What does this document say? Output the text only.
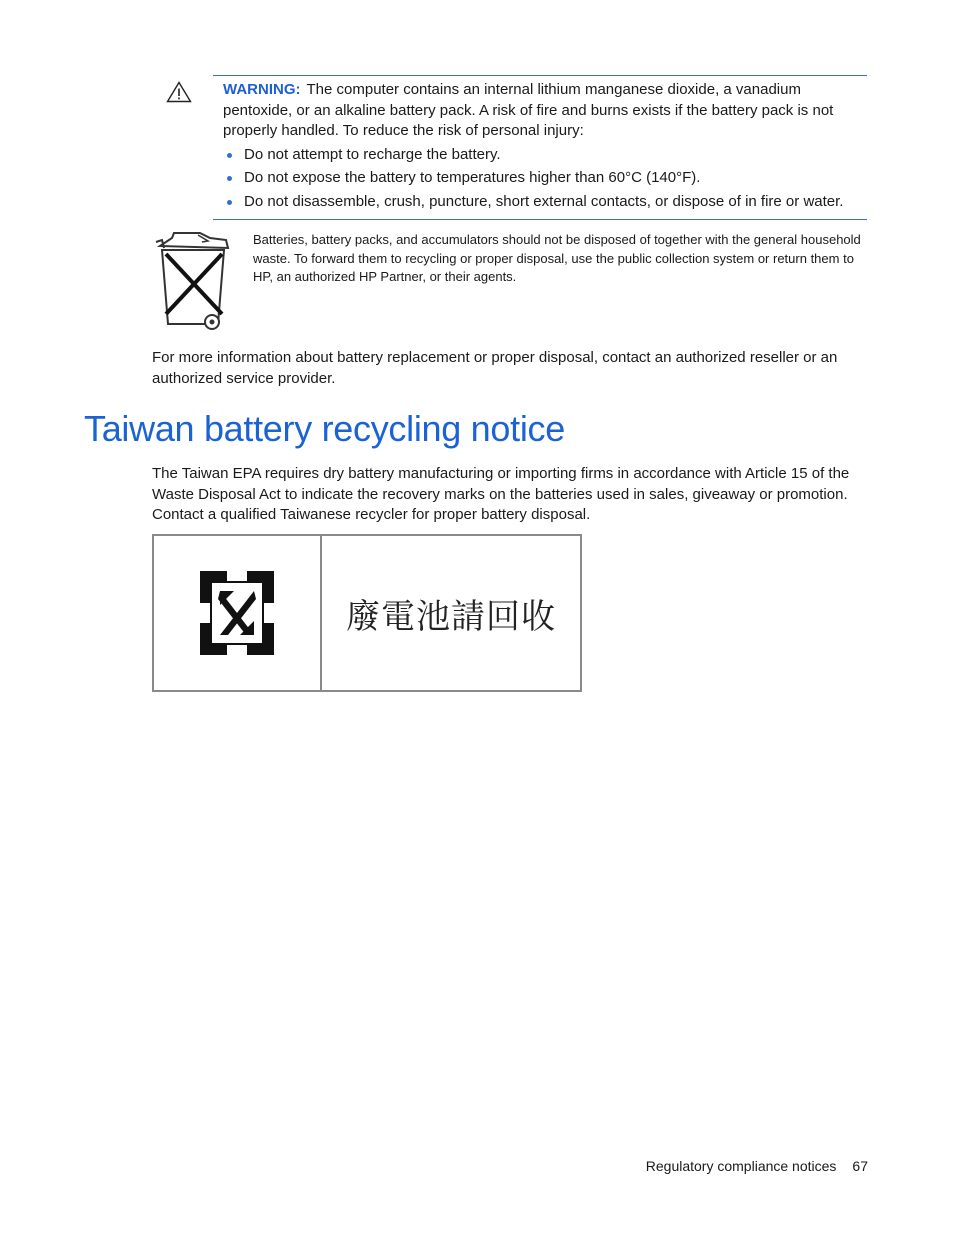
WARNING: The computer contains an internal lithium manganese dioxide, a vanadium pentoxide, or an alkaline battery pack. A risk of fire and burns exists if the battery pack is not properly handled. To reduce the risk of personal injury:
Do not attempt to recharge the battery.
Do not expose the battery to temperatures higher than 60°C (140°F).
Do not disassemble, crush, puncture, short external contacts, or dispose of in fire or water.
Batteries, battery packs, and accumulators should not be disposed of together with the general household waste. To forward them to recycling or proper disposal, use the public collection system or return them to HP, an authorized HP Partner, or their agents.

For more information about battery replacement or proper disposal, contact an authorized reseller or an authorized service provider.

Taiwan battery recycling notice

The Taiwan EPA requires dry battery manufacturing or importing firms in accordance with Article 15 of the Waste Disposal Act to indicate the recovery marks on the batteries used in sales, giveaway or promotion. Contact a qualified Taiwanese recycler for proper battery disposal.

廢電池請回收
Regulatory compliance notices 67
